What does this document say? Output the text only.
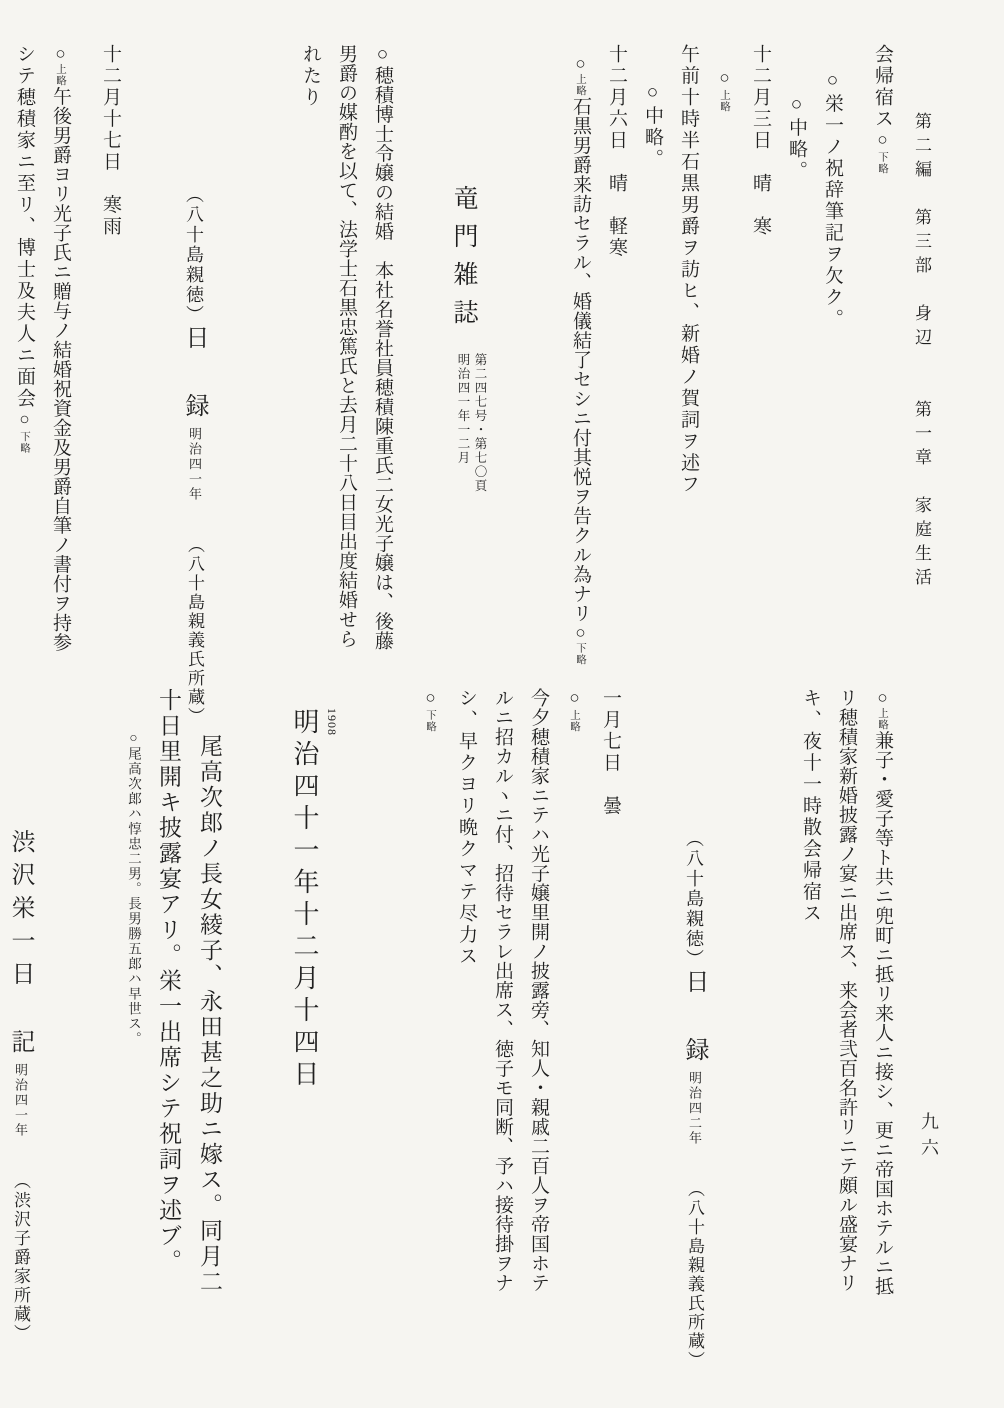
第二編　第三部　身辺　　第一章　家庭生活
九六

会帰宿ス○下略

○栄一ノ祝辞筆記ヲ欠ク。

○中略。

十二月三日　晴　寒

○上略

午前十時半石黒男爵ヲ訪ヒ、新婚ノ賀詞ヲ述フ

○中略。

十二月六日　晴　軽寒

○上略石黒男爵来訪セラル、婚儀結了セシニ付其悦ヲ告クル為ナリ○下略

竜門雑誌
第二四七号・第七〇頁
明治四一年一二月

○穂積博士令嬢の結婚　本社名誉社員穂積陳重氏二女光子嬢は、後藤

男爵の媒酌を以て、法学士石黒忠篤氏と去月二十八日目出度結婚せら

れたり

（八十島親徳）日　録明治四一年（八十島親義氏所蔵）

十二月十七日　寒雨

○上略午後男爵ヨリ光子氏ニ贈与ノ結婚祝資金及男爵自筆ノ書付ヲ持参

シテ穂積家ニ至リ、博士及夫人ニ面会○下略

○上略兼子・愛子等ト共ニ兜町ニ抵リ来人ニ接シ、更ニ帝国ホテルニ抵

リ穂積家新婚披露ノ宴ニ出席ス、来会者弐百名許リニテ頗ル盛宴ナリ

キ、夜十一時散会帰宿ス

（八十島親徳）日　録明治四二年（八十島親義氏所蔵）

一月七日　曇

○上略

今夕穂積家ニテハ光子嬢里開ノ披露旁、知人・親戚二百人ヲ帝国ホテ

ルニ招カルヽニ付、招待セラレ出席ス、徳子モ同断、予ハ接待掛ヲナ

シ、早クヨリ晩クマテ尽力ス

○下略

1908
明治四十一年十二月十四日

尾高次郎ノ長女綾子、永田甚之助ニ嫁ス。同月二

十日里開キ披露宴アリ。栄一出席シテ祝詞ヲ述ブ。

○尾高次郎ハ惇忠二男。長男勝五郎ハ早世ス。

渋沢栄一日　記明治四一年（渋沢子爵家所蔵）
